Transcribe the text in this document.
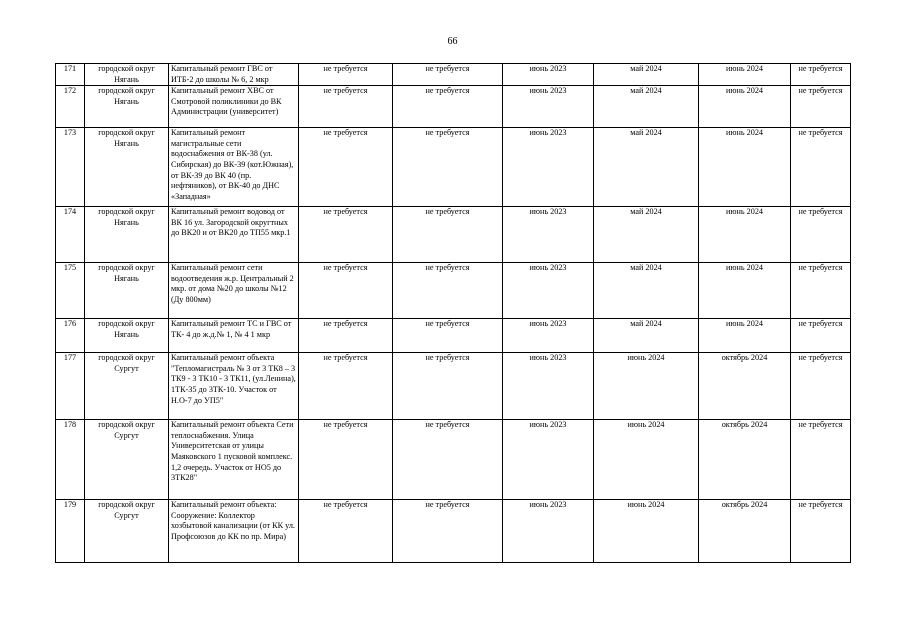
66
171	городской округ Нягань	Капитальный ремонт ГВС от ИТБ-2 до школы № 6, 2 мкр	не требуется	не требуется	июнь 2023	май 2024	июнь 2024	не требуется
172	городской округ Нягань	Капитальный ремонт ХВС от Смотровой поликлиники до ВК Администрации (университет)	не требуется	не требуется	июнь 2023	май 2024	июнь 2024	не требуется
173	городской округ Нягань	Капитальный ремонт магистральные сети водоснабжения от ВК-38 (ул. Сибирская) до ВК-39 (кот.Южная), от ВК-39 до ВК 40 (пр. нефтяников), от ВК-40 до ДНС «Западная»	не требуется	не требуется	июнь 2023	май 2024	июнь 2024	не требуется
174	городской округ Нягань	Капитальный ремонт водовод от ВК 16 ул. Загородской округтных до ВК20 и от ВК20 до ТП55 мкр.1	не требуется	не требуется	июнь 2023	май 2024	июнь 2024	не требуется
175	городской округ Нягань	Капитальный ремонт сети водоотведения ж.р. Центральный 2 мкр. от дома №20 до школы №12 (Ду 800мм)	не требуется	не требуется	июнь 2023	май 2024	июнь 2024	не требуется
176	городской округ Нягань	Капитальный ремонт ТС и ГВС от ТК- 4 до ж.д.№ 1, № 4 1 мкр	не требуется	не требуется	июнь 2023	май 2024	июнь 2024	не требуется
177	городской округ Сургут	Капитальный ремонт объекта "Тепломагистраль № 3 от 3 ТК8 – 3 ТК9 - 3 ТК10 - 3 ТК11, (ул.Ленина), 1ТК-35 до 3ТК-10. Участок от Н.О-7 до УП5"	не требуется	не требуется	июнь 2023	июнь 2024	октябрь 2024	не требуется
178	городской округ Сургут	Капитальный ремонт объекта Сети теплоснабжения. Улица Университетская от улицы Маяковского 1 пусковой комплекс. 1,2 очередь. Участок от НО5 до 3ТК28"	не требуется	не требуется	июнь 2023	июнь 2024	октябрь 2024	не требуется
179	городской округ Сургут	Капитальный ремонт объекта: Сооружение: Коллектор хозбытовой канализации (от КК ул. Профсоюзов до КК по пр. Мира)	не требуется	не требуется	июнь 2023	июнь 2024	октябрь 2024	не требуется
